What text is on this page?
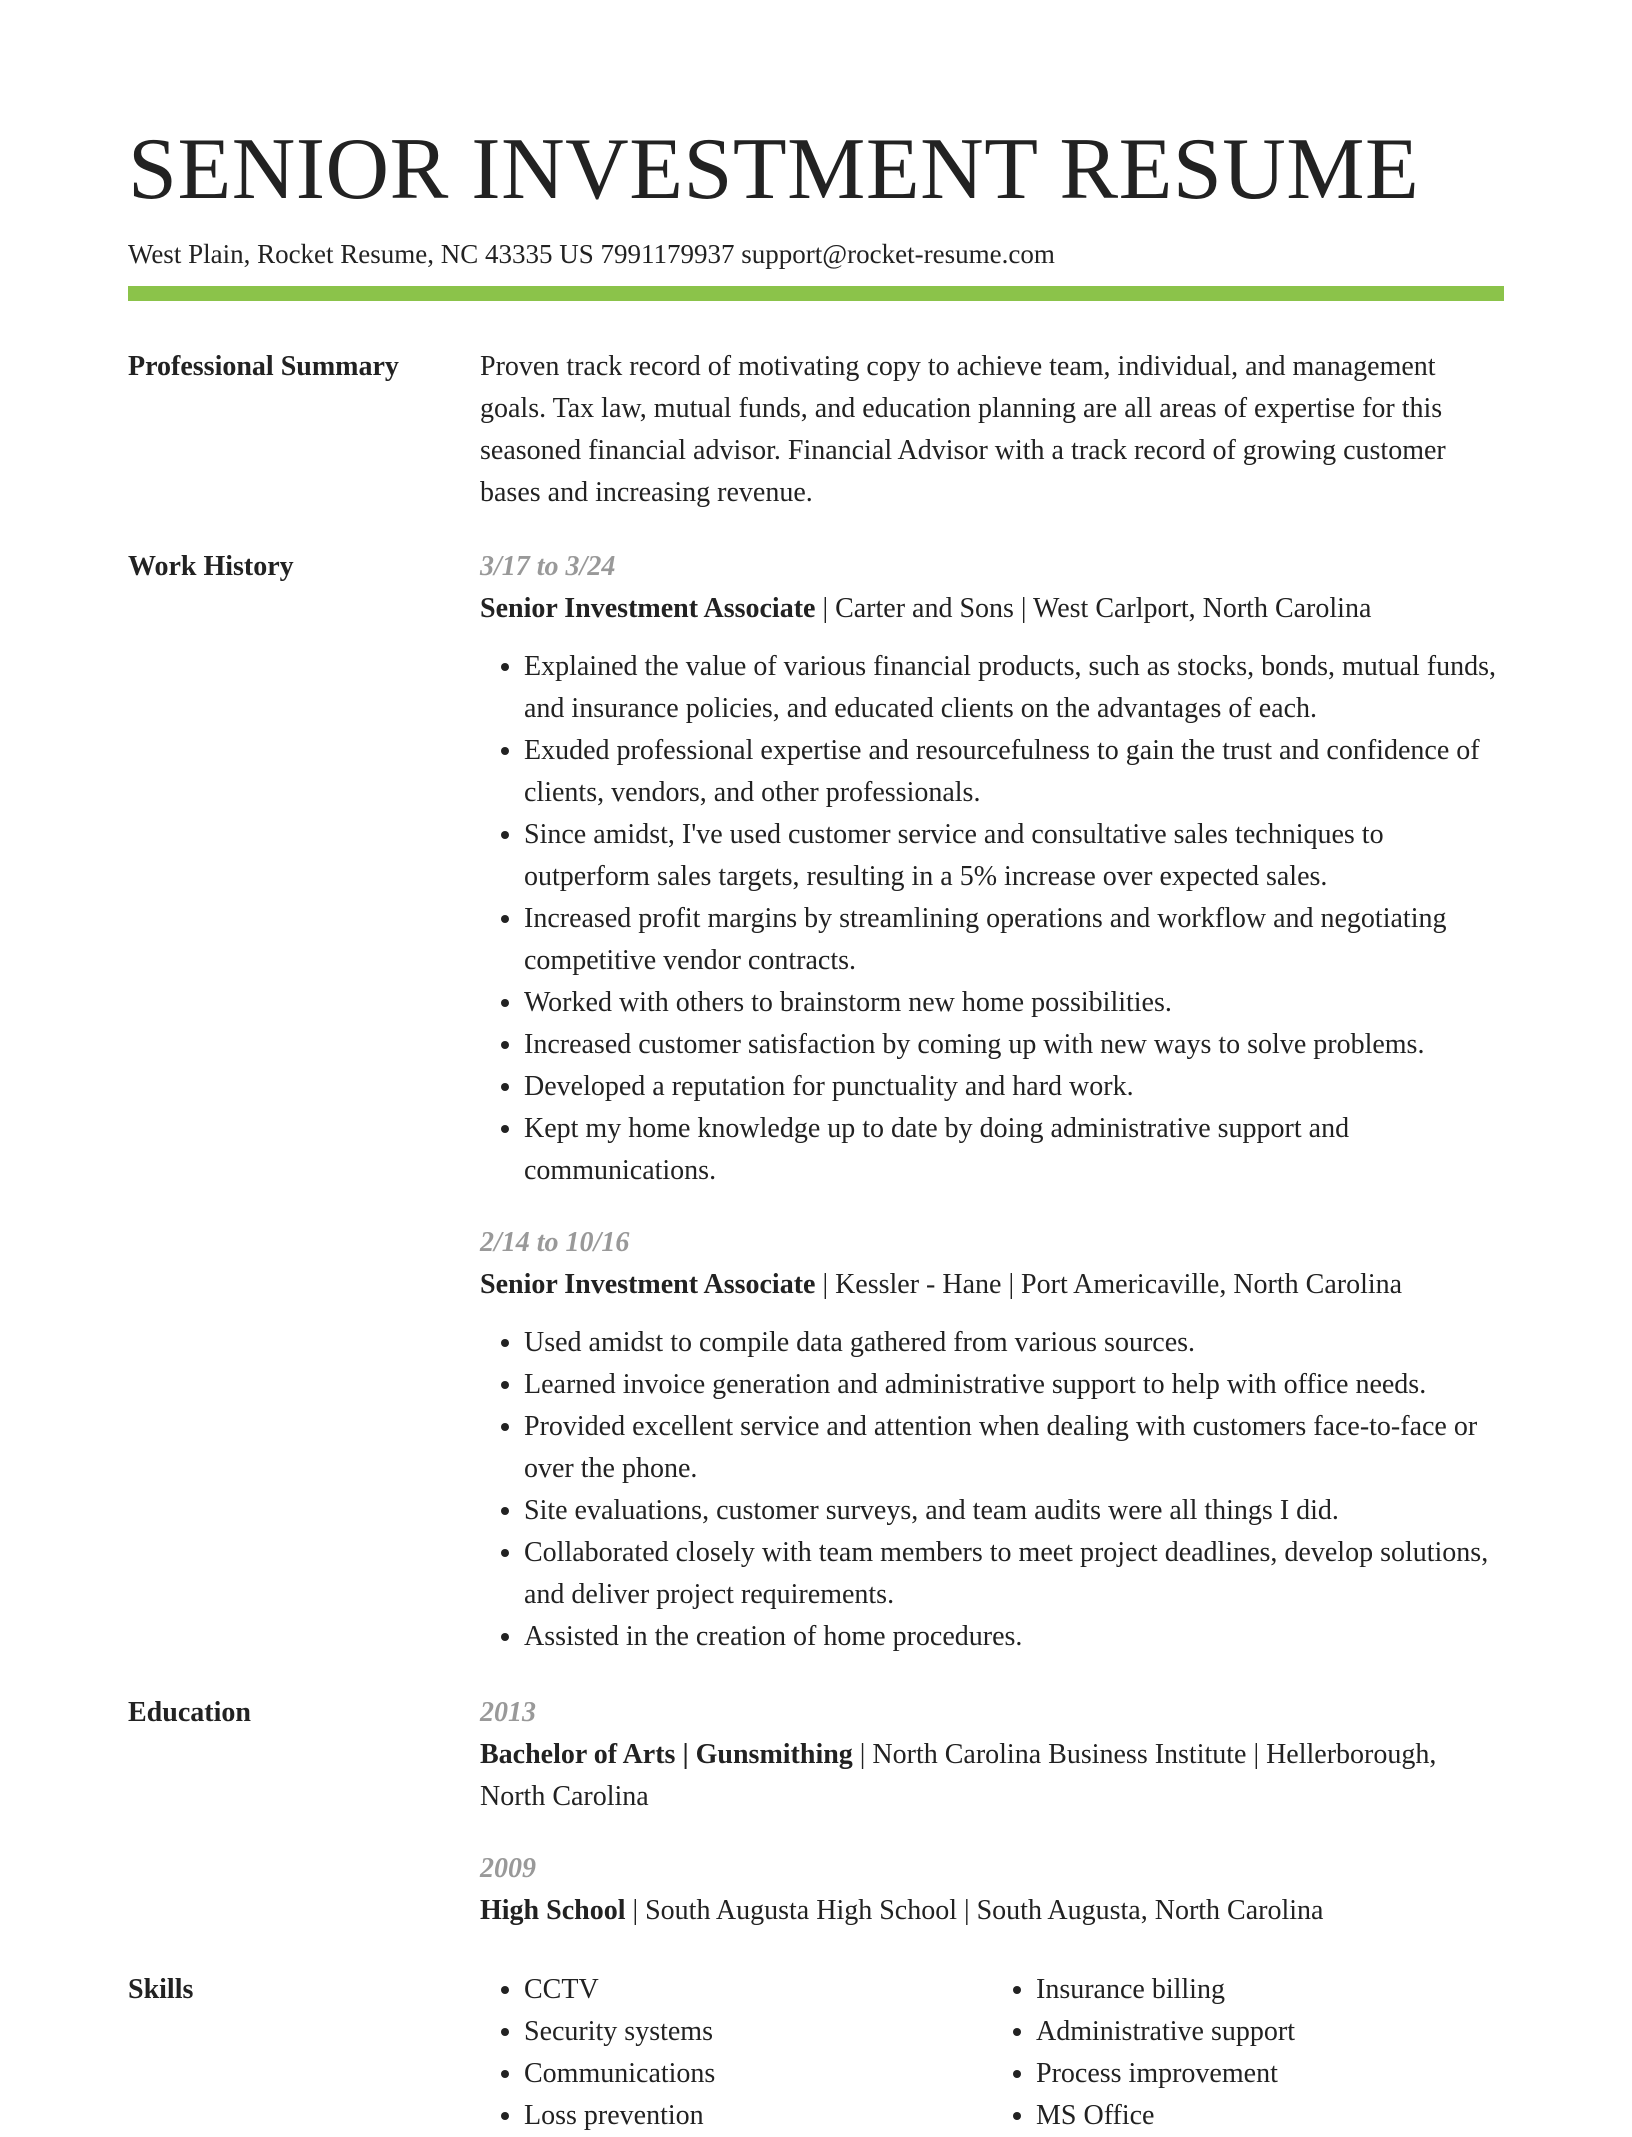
SENIOR INVESTMENT RESUME
West Plain, Rocket Resume, NC 43335 US 7991179937 support@rocket-resume.com
Professional Summary	Proven track record of motivating copy to achieve team, individual, and management goals. Tax law, mutual funds, and education planning are all areas of expertise for this seasoned financial advisor. Financial Advisor with a track record of growing customer bases and increasing revenue.

Work History	3/17 to 3/24
Senior Investment Associate | Carter and Sons | West Carlport, North Carolina
• Explained the value of various financial products, such as stocks, bonds, mutual funds, and insurance policies, and educated clients on the advantages of each.
• Exuded professional expertise and resourcefulness to gain the trust and confidence of clients, vendors, and other professionals.
• Since amidst, I've used customer service and consultative sales techniques to outperform sales targets, resulting in a 5% increase over expected sales.
• Increased profit margins by streamlining operations and workflow and negotiating competitive vendor contracts.
• Worked with others to brainstorm new home possibilities.
• Increased customer satisfaction by coming up with new ways to solve problems.
• Developed a reputation for punctuality and hard work.
• Kept my home knowledge up to date by doing administrative support and communications.
2/14 to 10/16
Senior Investment Associate | Kessler - Hane | Port Americaville, North Carolina
• Used amidst to compile data gathered from various sources.
• Learned invoice generation and administrative support to help with office needs.
• Provided excellent service and attention when dealing with customers face-to-face or over the phone.
• Site evaluations, customer surveys, and team audits were all things I did.
• Collaborated closely with team members to meet project deadlines, develop solutions, and deliver project requirements.
• Assisted in the creation of home procedures.
Education	2013
Bachelor of Arts | Gunsmithing | North Carolina Business Institute | Hellerborough, North Carolina
2009
High School | South Augusta High School | South Augusta, North Carolina
Skills
•	CCTV
• Security systems
• Communications
• Loss prevention
• Insurance billing
• Administrative support
• Process improvement
• MS Office
